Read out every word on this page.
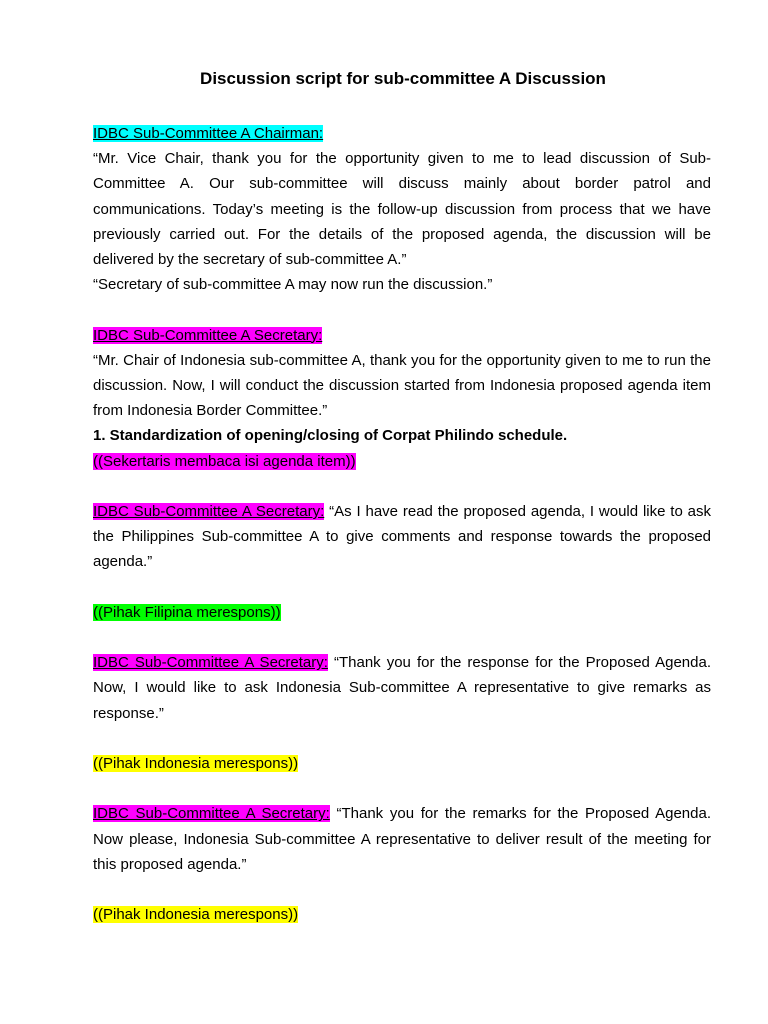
Discussion script for sub-committee A Discussion

IDBC Sub-Committee A Chairman:

“Mr. Vice Chair, thank you for the opportunity given to me to lead discussion of Sub-Committee A. Our sub-committee will discuss mainly about border patrol and communications. Today’s meeting is the follow-up discussion from process that we have previously carried out. For the details of the proposed agenda, the discussion will be delivered by the secretary of sub-committee A.”

“Secretary of sub-committee A may now run the discussion.”

IDBC Sub-Committee A Secretary:

“Mr. Chair of Indonesia sub-committee A, thank you for the opportunity given to me to run the discussion. Now, I will conduct the discussion started from Indonesia proposed agenda item from Indonesia Border Committee.”

1. Standardization of opening/closing of Corpat Philindo schedule.

((Sekertaris membaca isi agenda item))

IDBC Sub-Committee A Secretary: “As I have read the proposed agenda, I would like to ask the Philippines Sub-committee A to give comments and response towards the proposed agenda.”

((Pihak Filipina merespons))

IDBC Sub-Committee A Secretary: “Thank you for the response for the Proposed Agenda. Now, I would like to ask Indonesia Sub-committee A representative to give remarks as response.”

((Pihak Indonesia merespons))

IDBC Sub-Committee A Secretary: “Thank you for the remarks for the Proposed Agenda. Now please, Indonesia Sub-committee A representative to deliver result of the meeting for this proposed agenda.”

((Pihak Indonesia merespons))
